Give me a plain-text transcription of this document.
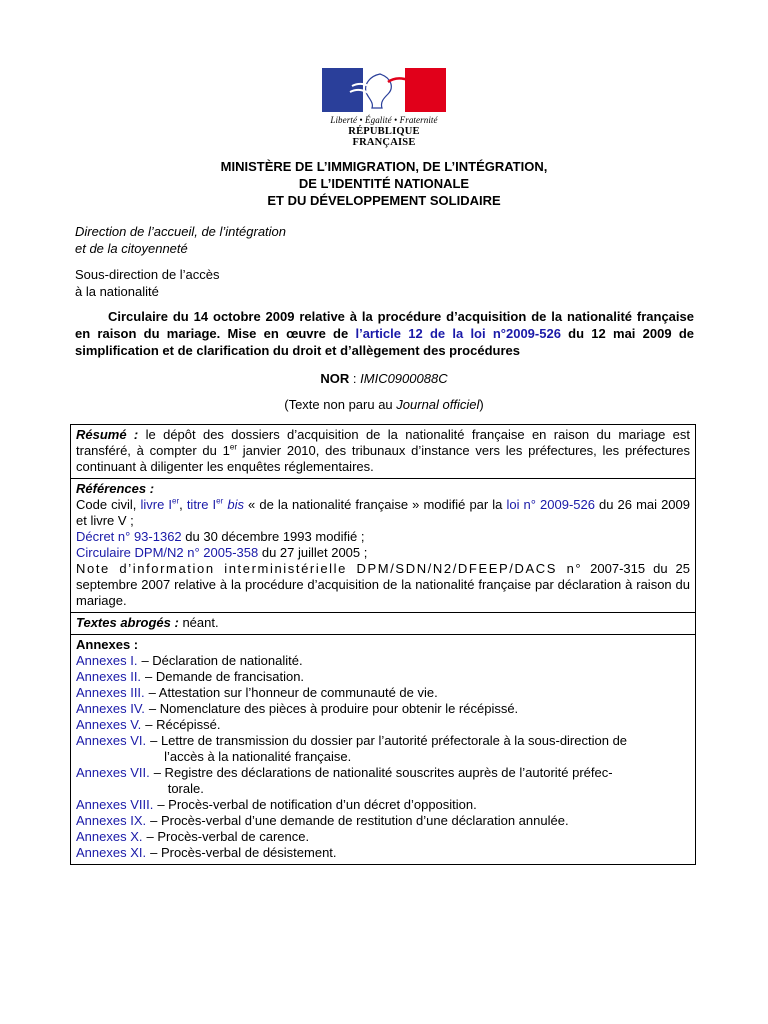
Liberté • Égalité • Fraternité
RÉPUBLIQUE FRANÇAISE
MINISTÈRE DE L’IMMIGRATION, DE L’INTÉGRATION,
DE L’IDENTITÉ NATIONALE
ET DU DÉVELOPPEMENT SOLIDAIRE
Direction de l’accueil, de l’intégration
et de la citoyenneté
Sous-direction de l’accès
à la nationalité
Circulaire du 14 octobre 2009 relative à la procédure d’acquisition de la nationalité française en raison du mariage. Mise en œuvre de l’article 12 de la loi n°2009-526 du 12 mai 2009 de simplification et de clarification du droit et d’allègement des procédures
NOR : IMIC0900088C
(Texte non paru au Journal officiel)
Résumé : le dépôt des dossiers d’acquisition de la nationalité française en raison du mariage est transféré, à compter du 1er janvier 2010, des tribunaux d’instance vers les préfectures, les préfectures continuant à diligenter les enquêtes réglementaires.
Références :
Code civil, livre Ier, titre Ier bis « de la nationalité française » modifié par la loi n° 2009-526 du 26 mai 2009 et livre V ;
Décret n° 93-1362 du 30 décembre 1993 modifié ;
Circulaire DPM/N2 n° 2005-358 du 27 juillet 2005 ;
Note d’information interministérielle DPM/SDN/N2/DFEEP/DACS n° 2007-315 du 25 septembre 2007 relative à la procédure d’acquisition de la nationalité française par déclaration à raison du mariage.
Textes abrogés : néant.
Annexes :
Annexes I. – Déclaration de nationalité.
Annexes II. – Demande de francisation.
Annexes III. – Attestation sur l’honneur de communauté de vie.
Annexes IV. – Nomenclature des pièces à produire pour obtenir le récépissé.
Annexes V. – Récépissé.
Annexes VI. – Lettre de transmission du dossier par l’autorité préfectorale à la sous-direction de
l’accès à la nationalité française.
Annexes VII. – Registre des déclarations de nationalité souscrites auprès de l’autorité préfec-
torale.
Annexes VIII. – Procès-verbal de notification d’un décret d’opposition.
Annexes IX. – Procès-verbal d’une demande de restitution d’une déclaration annulée.
Annexes X. – Procès-verbal de carence.
Annexes XI. – Procès-verbal de désistement.
